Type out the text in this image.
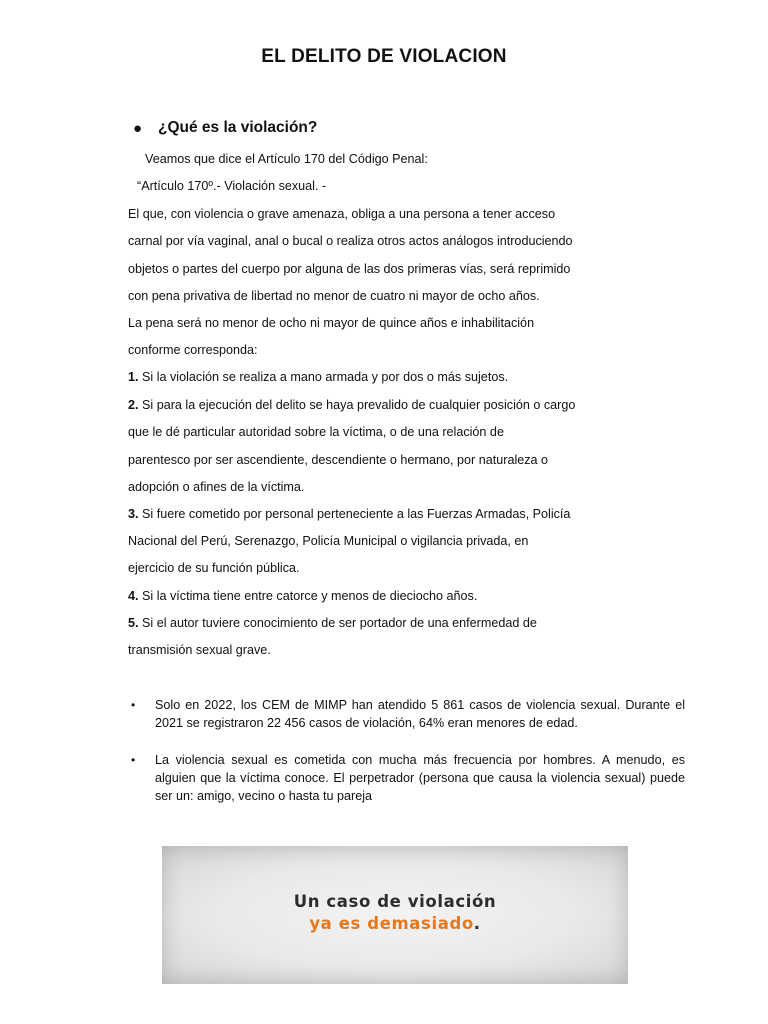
EL DELITO DE VIOLACION
● ¿Qué es la violación?
Veamos que dice el Artículo 170 del Código Penal:
“Artículo 170º.- Violación sexual. -
El que, con violencia o grave amenaza, obliga a una persona a tener acceso
carnal por vía vaginal, anal o bucal o realiza otros actos análogos introduciendo
objetos o partes del cuerpo por alguna de las dos primeras vías, será reprimido
con pena privativa de libertad no menor de cuatro ni mayor de ocho años.
La pena será no menor de ocho ni mayor de quince años e inhabilitación
conforme corresponda:
1. Si la violación se realiza a mano armada y por dos o más sujetos.
2. Si para la ejecución del delito se haya prevalido de cualquier posición o cargo
que le dé particular autoridad sobre la víctima, o de una relación de
parentesco por ser ascendiente, descendiente o hermano, por naturaleza o
adopción o afines de la víctima.
3. Si fuere cometido por personal perteneciente a las Fuerzas Armadas, Policía
Nacional del Perú, Serenazgo, Policía Municipal o vigilancia privada, en
ejercicio de su función pública.
4. Si la víctima tiene entre catorce y menos de dieciocho años.
5. Si el autor tuviere conocimiento de ser portador de una enfermedad de
transmisión sexual grave.
• Solo en 2022, los CEM de MIMP han atendido 5 861 casos de violencia sexual. Durante el 2021 se registraron 22 456 casos de violación, 64% eran menores de edad.
• La violencia sexual es cometida con mucha más frecuencia por hombres. A menudo, es alguien que la víctima conoce. El perpetrador (persona que causa la violencia sexual) puede ser un: amigo, vecino o hasta tu pareja
Un caso de violación
ya es demasiado.
